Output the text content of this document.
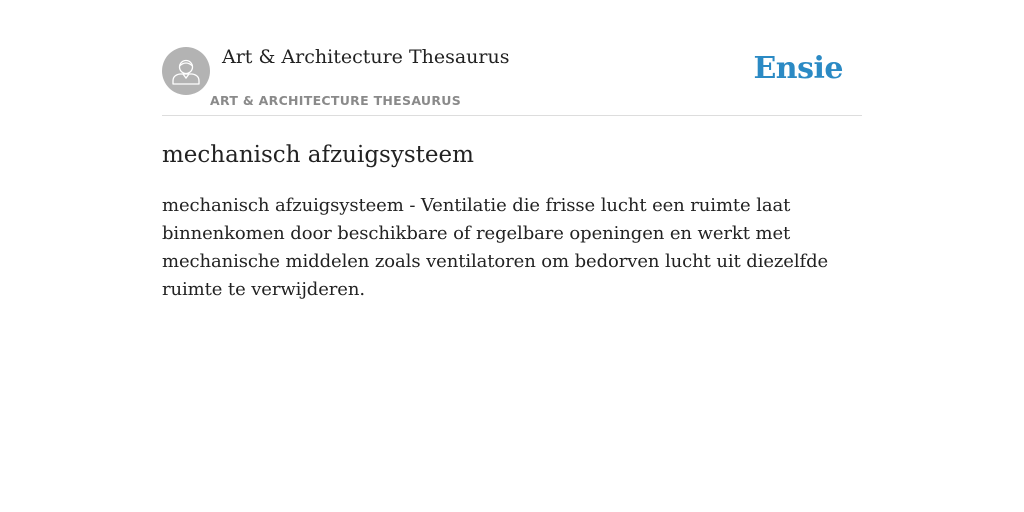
Art & Architecture Thesaurus
ART & ARCHITECTURE THESAURUS
Ensie
mechanisch afzuigsysteem

mechanisch afzuigsysteem - Ventilatie die frisse lucht een ruimte laat binnenkomen door beschikbare of regelbare openingen en werkt met mechanische middelen zoals ventilatoren om bedorven lucht uit diezelfde ruimte te verwijderen.
